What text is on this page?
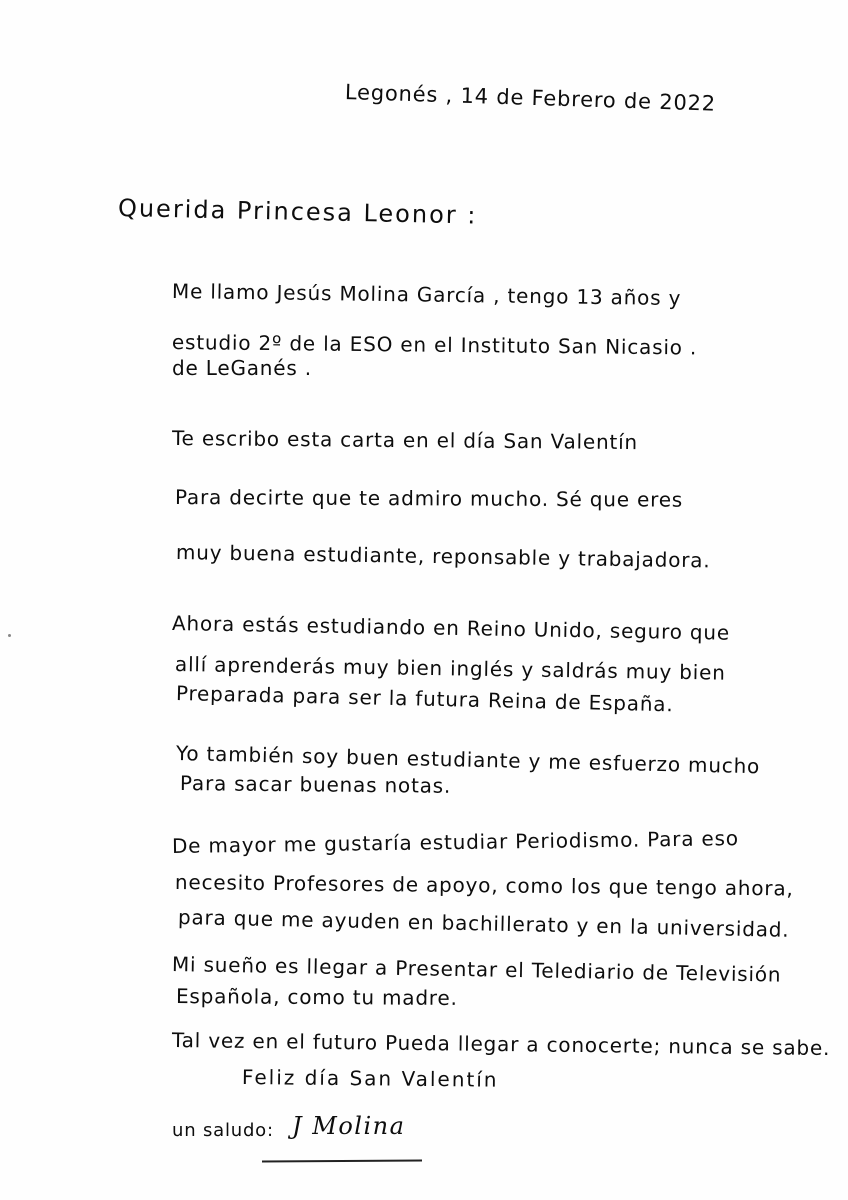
Legonés , 14 de Febrero de 2022
Querida Princesa Leonor :
Me llamo Jesús Molina García , tengo 13 años y
estudio 2º de la ESO en el Instituto San Nicasio .
de LeGanés .
Te escribo esta carta en el día San Valentín
Para decirte que te admiro mucho. Sé que eres
muy buena estudiante, reponsable y trabajadora.
Ahora estás estudiando en Reino Unido, seguro que
allí aprenderás muy bien inglés y saldrás muy bien
Preparada para ser la futura Reina de España.
Yo también soy buen estudiante y me esfuerzo mucho
Para sacar buenas notas.
De mayor me gustaría estudiar Periodismo. Para eso
necesito Profesores de apoyo, como los que tengo ahora,
para que me ayuden en bachillerato y en la universidad.
Mi sueño es llegar a Presentar el Telediario de Televisión
Española, como tu madre.
Tal vez en el futuro Pueda llegar a conocerte; nunca se sabe.
Feliz día San Valentín
un saludo: J Molina
